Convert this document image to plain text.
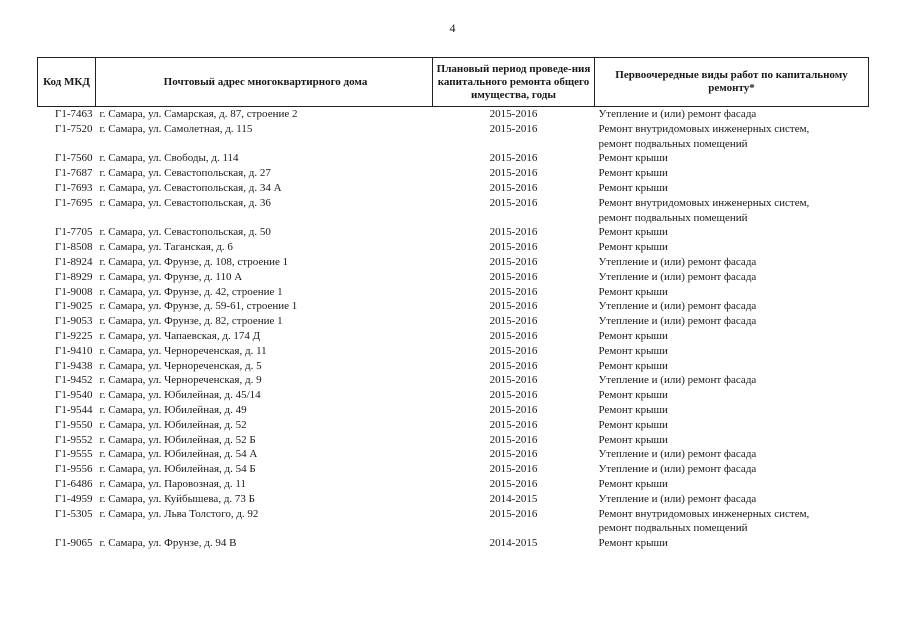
4
Код МКД	Почтовый адрес многоквартирного дома	Плановый период проведе-ния капитального ремонта общего имущества, годы	Первоочередные виды работ по капитальному ремонту*
Г1-7463	г. Самара, ул. Самарская, д. 87, строение 2	2015-2016	Утепление и (или) ремонт фасада

Г1-7520	г. Самара, ул. Самолетная, д. 115	2015-2016	Ремонт внутридомовых инженерных систем,
ремонт подвальных помещений

Г1-7560	г. Самара, ул. Свободы, д. 114	2015-2016	Ремонт крыши

Г1-7687	г. Самара, ул. Севастопольская, д. 27	2015-2016	Ремонт крыши

Г1-7693	г. Самара, ул. Севастопольская, д. 34 А	2015-2016	Ремонт крыши

Г1-7695	г. Самара, ул. Севастопольская, д. 36	2015-2016	Ремонт внутридомовых инженерных систем,
ремонт подвальных помещений

Г1-7705	г. Самара, ул. Севастопольская, д. 50	2015-2016	Ремонт крыши

Г1-8508	г. Самара, ул. Таганская, д. 6	2015-2016	Ремонт крыши

Г1-8924	г. Самара, ул. Фрунзе, д. 108, строение 1	2015-2016	Утепление и (или) ремонт фасада

Г1-8929	г. Самара, ул. Фрунзе, д. 110 А	2015-2016	Утепление и (или) ремонт фасада

Г1-9008	г. Самара, ул. Фрунзе, д. 42, строение 1	2015-2016	Ремонт крыши

Г1-9025	г. Самара, ул. Фрунзе, д. 59-61, строение 1	2015-2016	Утепление и (или) ремонт фасада

Г1-9053	г. Самара, ул. Фрунзе, д. 82, строение 1	2015-2016	Утепление и (или) ремонт фасада

Г1-9225	г. Самара, ул. Чапаевская, д. 174 Д	2015-2016	Ремонт крыши

Г1-9410	г. Самара, ул. Чернореченская, д. 11	2015-2016	Ремонт крыши

Г1-9438	г. Самара, ул. Чернореченская, д. 5	2015-2016	Ремонт крыши

Г1-9452	г. Самара, ул. Чернореченская, д. 9	2015-2016	Утепление и (или) ремонт фасада

Г1-9540	г. Самара, ул. Юбилейная, д. 45/14	2015-2016	Ремонт крыши

Г1-9544	г. Самара, ул. Юбилейная, д. 49	2015-2016	Ремонт крыши

Г1-9550	г. Самара, ул. Юбилейная, д. 52	2015-2016	Ремонт крыши

Г1-9552	г. Самара, ул. Юбилейная, д. 52 Б	2015-2016	Ремонт крыши

Г1-9555	г. Самара, ул. Юбилейная, д. 54 А	2015-2016	Утепление и (или) ремонт фасада

Г1-9556	г. Самара, ул. Юбилейная, д. 54 Б	2015-2016	Утепление и (или) ремонт фасада

Г1-6486	г. Самара, ул. Паровозная, д. 11	2015-2016	Ремонт крыши

Г1-4959	г. Самара, ул. Куйбышева, д. 73 Б	2014-2015	Утепление и (или) ремонт фасада

Г1-5305	г. Самара, ул. Льва Толстого, д. 92	2015-2016	Ремонт внутридомовых инженерных систем,
ремонт подвальных помещений

Г1-9065	г. Самара, ул. Фрунзе, д. 94 В	2014-2015	Ремонт крыши
